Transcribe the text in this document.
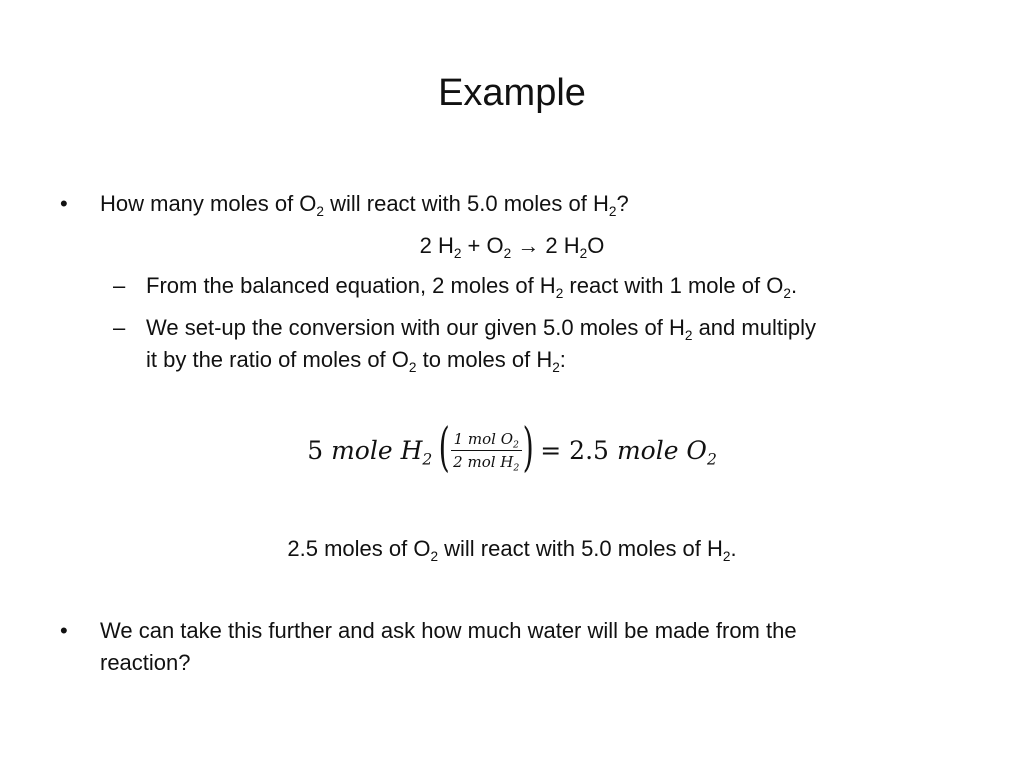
Example
• How many moles of $O_2$ will react with 5.0 moles of $H_2$?
2 $H_2 + O_2 \to 2$ $H_2O$
– From the balanced equation, 2 moles of $H_2$ react with 1 mole of $O_2$.
– We set-up the conversion with our given 5.0 moles of $H_2$ and multiply
it by the ratio of moles of $O_2$ to moles of $H_2$:
5 mole $H_2$ ( $\frac{1 mol O_2}{2 mol H_2}$ ) = 2.5 mole $O_2$
2.5 moles of $O_2$ will react with 5.0 moles of $H_2$.
• We can take this further and ask how much water will be made from the
reaction?
